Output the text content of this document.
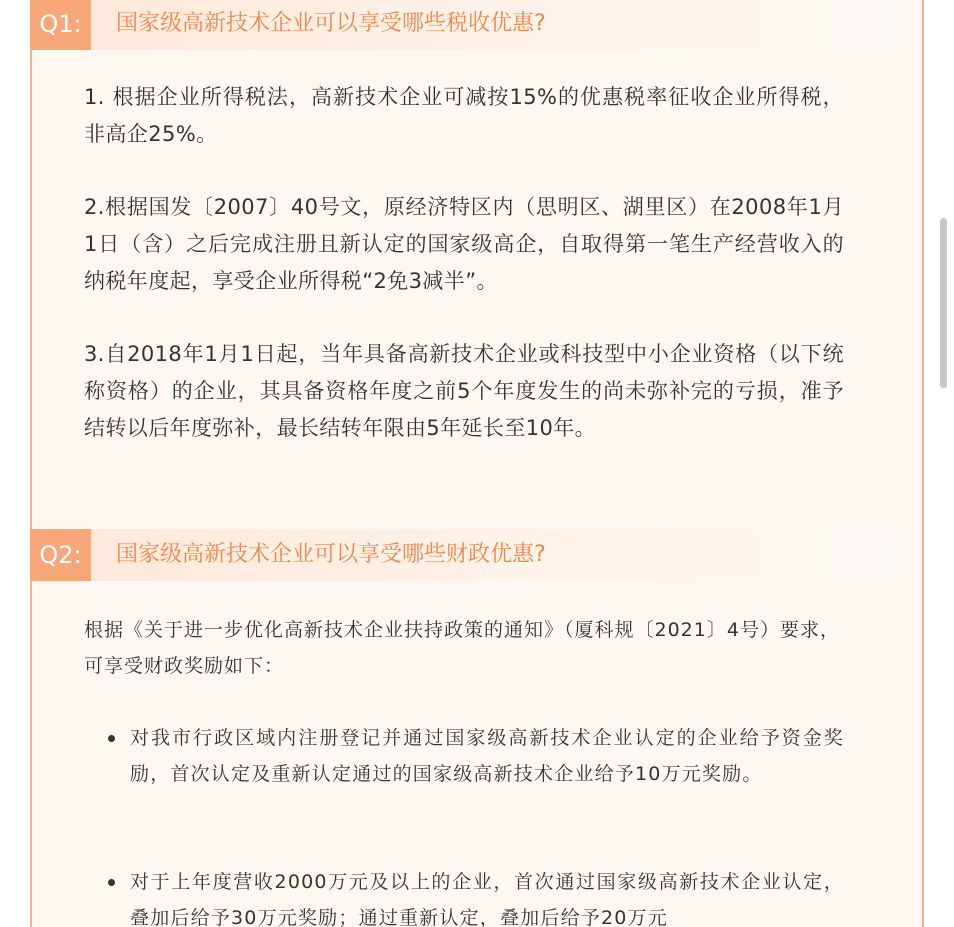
Q1:	国家级高新技术企业可以享受哪些税收优惠?

1. 根据企业所得税法，高新技术企业可减按15%的优惠税率征收企业所得税，非高企25%。

2.根据国发〔2007〕40号文，原经济特区内（思明区、湖里区）在2008年1月1日（含）之后完成注册且新认定的国家级高企，自取得第一笔生产经营收入的纳税年度起，享受企业所得税“2免3减半”。

3.自2018年1月1日起，当年具备高新技术企业或科技型中小企业资格（以下统称资格）的企业，其具备资格年度之前5个年度发生的尚未弥补完的亏损，准予结转以后年度弥补，最长结转年限由5年延长至10年。

Q2:	国家级高新技术企业可以享受哪些财政优惠?

根据《关于进一步优化高新技术企业扶持政策的通知》（厦科规〔2021〕4号）要求，可享受财政奖励如下：

对我市行政区域内注册登记并通过国家级高新技术企业认定的企业给予资金奖励，首次认定及重新认定通过的国家级高新技术企业给予10万元奖励。

对于上年度营收2000万元及以上的企业，首次通过国家级高新技术企业认定，叠加后给予30万元奖励；通过重新认定，叠加后给予20万元
